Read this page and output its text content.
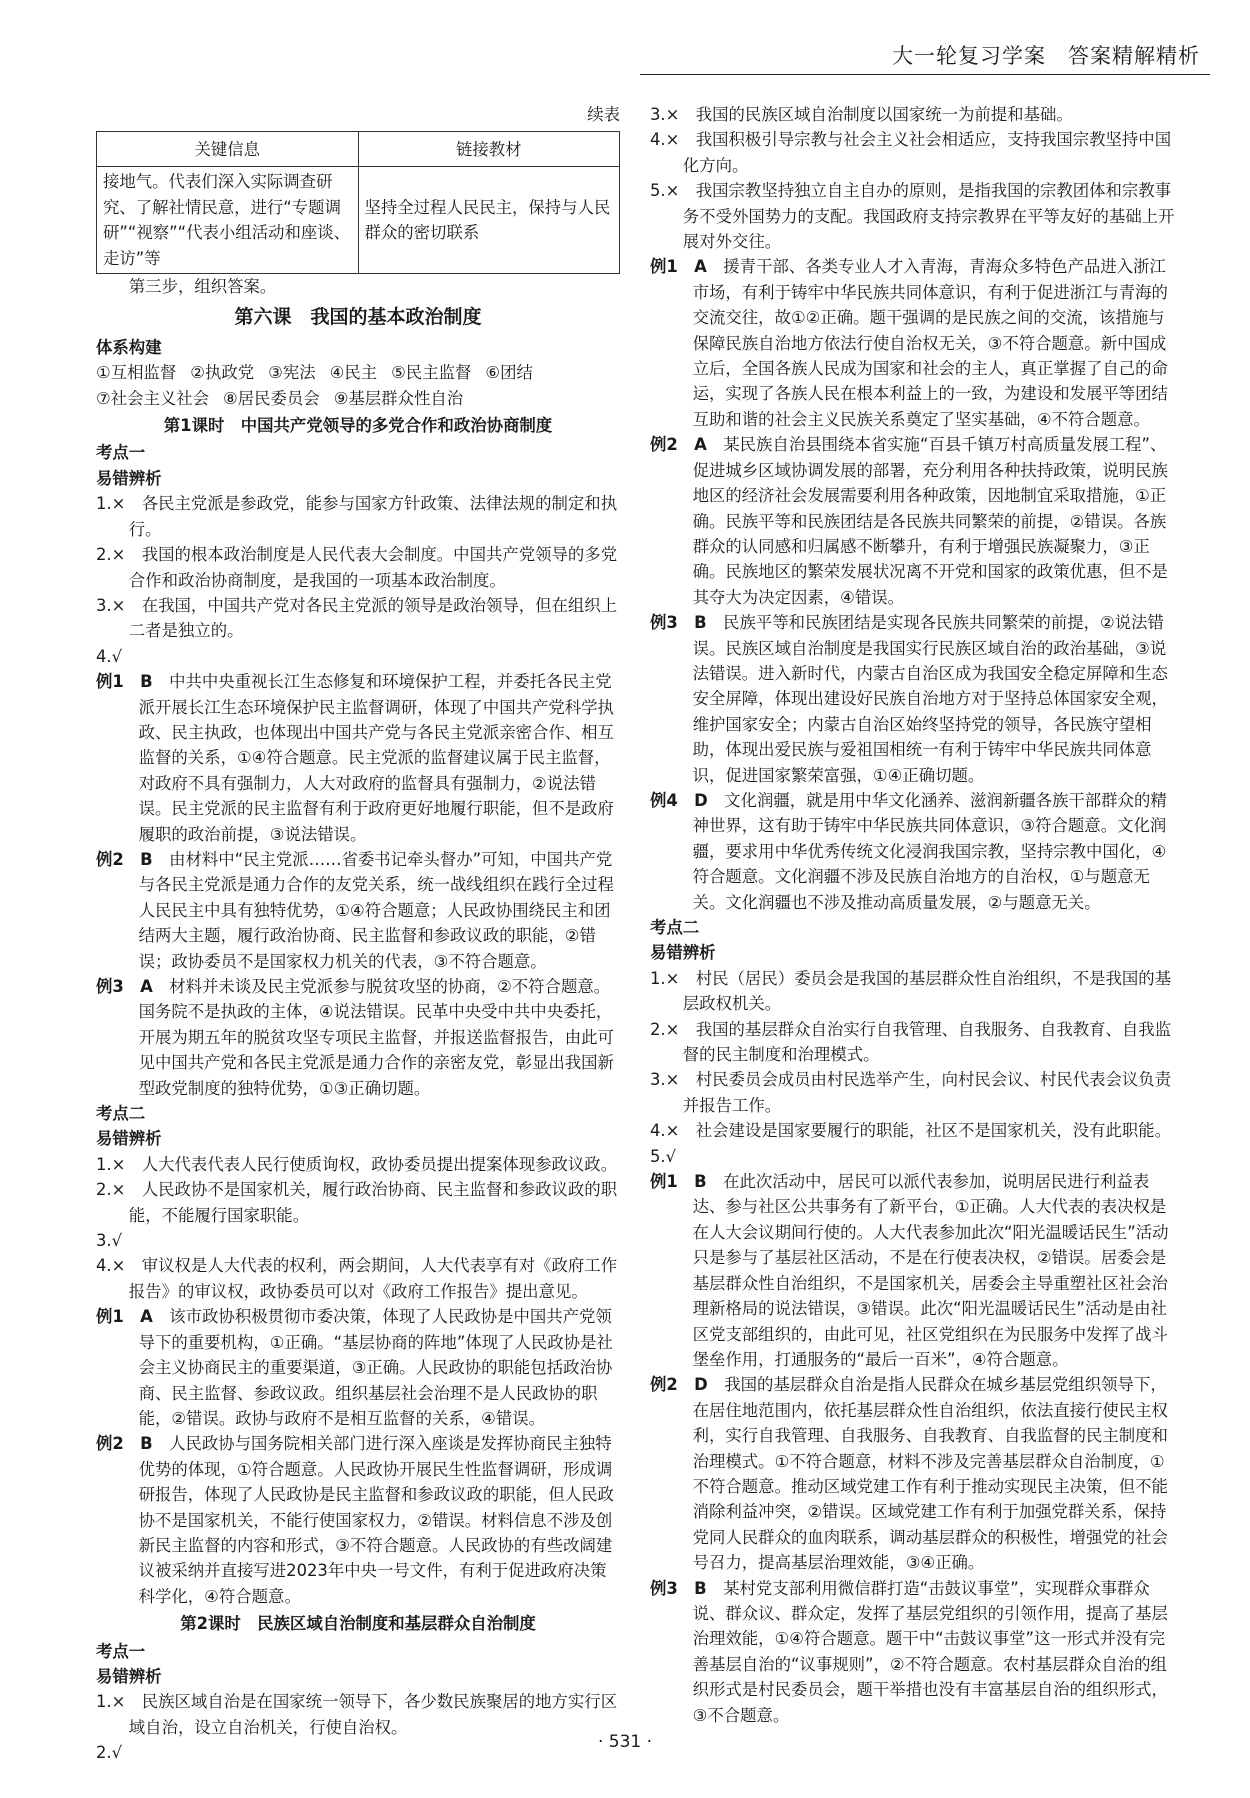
大一轮复习学案　答案精解精析
续表
关键信息	链接教材
接地气。代表们深入实际调查研究、了解社情民意，进行“专题调研”“视察”“代表小组活动和座谈、走访”等	坚持全过程人民民主，保持与人民群众的密切联系
第三步，组织答案。
第六课　我国的基本政治制度
体系构建
①互相监督 ②执政党 ③宪法 ④民主 ⑤民主监督 ⑥团结⑦社会主义社会 ⑧居民委员会 ⑨基层群众性自治
第1课时　中国共产党领导的多党合作和政治协商制度
考点一
易错辨析
1.×　各民主党派是参政党，能参与国家方针政策、法律法规的制定和执行。
2.×　我国的根本政治制度是人民代表大会制度。中国共产党领导的多党合作和政治协商制度，是我国的一项基本政治制度。
3.×　在我国，中国共产党对各民主党派的领导是政治领导，但在组织上二者是独立的。
4.√
例1　B　 中共中央重视长江生态修复和环境保护工程，并委托各民主党派开展长江生态环境保护民主监督调研，体现了中国共产党科学执政、民主执政，也体现出中国共产党与各民主党派亲密合作、相互监督的关系，①④符合题意。民主党派的监督建议属于民主监督，对政府不具有强制力，人大对政府的监督具有强制力，②说法错误。民主党派的民主监督有利于政府更好地履行职能，但不是政府履职的政治前提，③说法错误。
例2　B　 由材料中“民主党派……省委书记牵头督办”可知，中国共产党与各民主党派是通力合作的友党关系，统一战线组织在践行全过程人民民主中具有独特优势，①④符合题意；人民政协围绕民主和团结两大主题，履行政治协商、民主监督和参政议政的职能，②错误；政协委员不是国家权力机关的代表，③不符合题意。
例3　A　 材料并未谈及民主党派参与脱贫攻坚的协商，②不符合题意。国务院不是执政的主体，④说法错误。民革中央受中共中央委托，开展为期五年的脱贫攻坚专项民主监督，并报送监督报告，由此可见中国共产党和各民主党派是通力合作的亲密友党，彰显出我国新型政党制度的独特优势，①③正确切题。
考点二
易错辨析
1.×　人大代表代表人民行使质询权，政协委员提出提案体现参政议政。
2.×　人民政协不是国家机关，履行政治协商、民主监督和参政议政的职能，不能履行国家职能。
3.√
4.×　审议权是人大代表的权利，两会期间，人大代表享有对《政府工作报告》的审议权，政协委员可以对《政府工作报告》提出意见。
例1　A　 该市政协积极贯彻市委决策，体现了人民政协是中国共产党领导下的重要机构，①正确。“基层协商的阵地”体现了人民政协是社会主义协商民主的重要渠道，③正确。人民政协的职能包括政治协商、民主监督、参政议政。组织基层社会治理不是人民政协的职能，②错误。政协与政府不是相互监督的关系，④错误。
例2　B　 人民政协与国务院相关部门进行深入座谈是发挥协商民主独特优势的体现，①符合题意。人民政协开展民生性监督调研，形成调研报告，体现了人民政协是民主监督和参政议政的职能，但人民政协不是国家机关，不能行使国家权力，②错误。材料信息不涉及创新民主监督的内容和形式，③不符合题意。人民政协的有些改阔建议被采纳并直接写进2023年中央一号文件，有利于促进政府决策科学化，④符合题意。
第2课时　民族区域自治制度和基层群众自治制度
考点一
易错辨析
1.×　民族区域自治是在国家统一领导下，各少数民族聚居的地方实行区域自治，设立自治机关，行使自治权。
2.√
3.×　我国的民族区域自治制度以国家统一为前提和基础。
4.×　我国积极引导宗教与社会主义社会相适应，支持我国宗教坚持中国化方向。
5.×　我国宗教坚持独立自主自办的原则，是指我国的宗教团体和宗教事务不受外国势力的支配。我国政府支持宗教界在平等友好的基础上开展对外交往。
例1　A　 援青干部、各类专业人才入青海，青海众多特色产品进入浙江市场，有利于铸牢中华民族共同体意识，有利于促进浙江与青海的交流交往，故①②正确。题干强调的是民族之间的交流，该措施与保障民族自治地方依法行使自治权无关，③不符合题意。新中国成立后，全国各族人民成为国家和社会的主人，真正掌握了自己的命运，实现了各族人民在根本利益上的一致，为建设和发展平等团结互助和谐的社会主义民族关系奠定了坚实基础，④不符合题意。
例2　A　 某民族自治县围绕本省实施“百县千镇万村高质量发展工程”、促进城乡区域协调发展的部署，充分利用各种扶持政策，说明民族地区的经济社会发展需要利用各种政策，因地制宜采取措施，①正确。民族平等和民族团结是各民族共同繁荣的前提，②错误。各族群众的认同感和归属感不断攀升，有利于增强民族凝聚力，③正确。民族地区的繁荣发展状况离不开党和国家的政策优惠，但不是其夺大为决定因素，④错误。
例3　B　 民族平等和民族团结是实现各民族共同繁荣的前提，②说法错误。民族区域自治制度是我国实行民族区域自治的政治基础，③说法错误。进入新时代，内蒙古自治区成为我国安全稳定屏障和生态安全屏障，体现出建设好民族自治地方对于坚持总体国家安全观，维护国家安全；内蒙古自治区始终坚持党的领导，各民族守望相助，体现出爱民族与爱祖国相统一有利于铸牢中华民族共同体意识，促进国家繁荣富强，①④正确切题。
例4　D　 文化润疆，就是用中华文化涵养、滋润新疆各族干部群众的精神世界，这有助于铸牢中华民族共同体意识，③符合题意。文化润疆，要求用中华优秀传统文化浸润我国宗教，坚持宗教中国化，④符合题意。文化润疆不涉及民族自治地方的自治权，①与题意无关。文化润疆也不涉及推动高质量发展，②与题意无关。
考点二
易错辨析
1.×　村民（居民）委员会是我国的基层群众性自治组织，不是我国的基层政权机关。
2.×　我国的基层群众自治实行自我管理、自我服务、自我教育、自我监督的民主制度和治理模式。
3.×　村民委员会成员由村民选举产生，向村民会议、村民代表会议负责并报告工作。
4.×　社会建设是国家要履行的职能，社区不是国家机关，没有此职能。
5.√
例1　B　 在此次活动中，居民可以派代表参加，说明居民进行利益表达、参与社区公共事务有了新平台，①正确。人大代表的表决权是在人大会议期间行使的。人大代表参加此次“阳光温暖话民生”活动只是参与了基层社区活动，不是在行使表决权，②错误。居委会是基层群众性自治组织，不是国家机关，居委会主导重塑社区社会治理新格局的说法错误，③错误。此次“阳光温暖话民生”活动是由社区党支部组织的，由此可见，社区党组织在为民服务中发挥了战斗堡垒作用，打通服务的“最后一百米”，④符合题意。
例2　D　 我国的基层群众自治是指人民群众在城乡基层党组织领导下，在居住地范围内，依托基层群众性自治组织，依法直接行使民主权利，实行自我管理、自我服务、自我教育、自我监督的民主制度和治理模式。①不符合题意，材料不涉及完善基层群众自治制度，①不符合题意。推动区域党建工作有利于推动实现民主决策，但不能消除利益冲突，②错误。区域党建工作有利于加强党群关系，保持党同人民群众的血肉联系，调动基层群众的积极性，增强党的社会号召力，提高基层治理效能，③④正确。
例3　B　 某村党支部利用微信群打造“击鼓议事堂”，实现群众事群众说、群众议、群众定，发挥了基层党组织的引领作用，提高了基层治理效能，①④符合题意。题干中“击鼓议事堂”这一形式并没有完善基层自治的“议事规则”，②不符合题意。农村基层群众自治的组织形式是村民委员会，题干举措也没有丰富基层自治的组织形式，③不合题意。
· 531 ·
